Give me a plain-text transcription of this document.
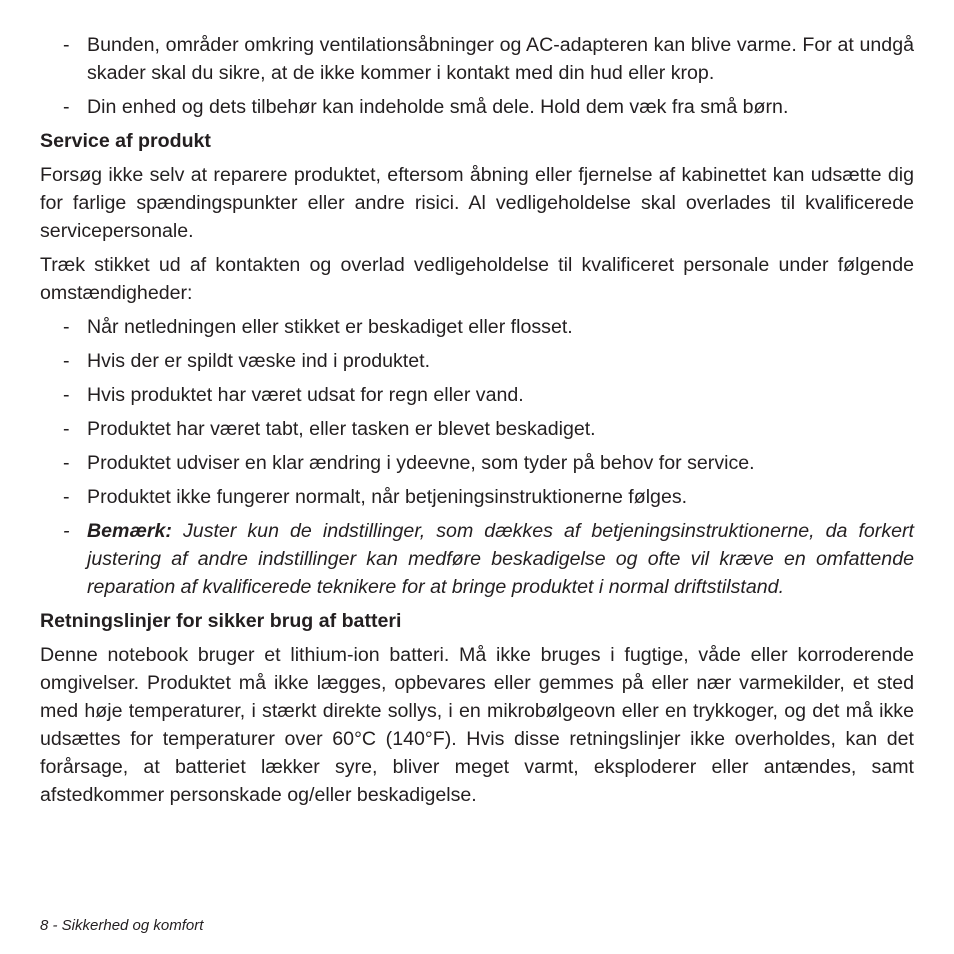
- Bunden, områder omkring ventilationsåbninger og AC-adapteren kan blive varme. For at undgå skader skal du sikre, at de ikke kommer i kontakt med din hud eller krop.
- Din enhed og dets tilbehør kan indeholde små dele. Hold dem væk fra små børn.
Service af produkt

Forsøg ikke selv at reparere produktet, eftersom åbning eller fjernelse af kabinettet kan udsætte dig for farlige spændingspunkter eller andre risici. Al vedligeholdelse skal overlades til kvalificerede servicepersonale.

Træk stikket ud af kontakten og overlad vedligeholdelse til kvalificeret personale under følgende omstændigheder:

- Når netledningen eller stikket er beskadiget eller flosset.
- Hvis der er spildt væske ind i produktet.
- Hvis produktet har været udsat for regn eller vand.
- Produktet har været tabt, eller tasken er blevet beskadiget.
- Produktet udviser en klar ændring i ydeevne, som tyder på behov for service.
- Produktet ikke fungerer normalt, når betjeningsinstruktionerne følges.
- Bemærk: Juster kun de indstillinger, som dækkes af betjeningsinstruktionerne, da forkert justering af andre indstillinger kan medføre beskadigelse og ofte vil kræve en omfattende reparation af kvalificerede teknikere for at bringe produktet i normal driftstilstand.
Retningslinjer for sikker brug af batteri

Denne notebook bruger et lithium-ion batteri. Må ikke bruges i fugtige, våde eller korroderende omgivelser. Produktet må ikke lægges, opbevares eller gemmes på eller nær varmekilder, et sted med høje temperaturer, i stærkt direkte sollys, i en mikrobølgeovn eller en trykkoger, og det må ikke udsættes for temperaturer over 60°C (140°F). Hvis disse retningslinjer ikke overholdes, kan det forårsage, at batteriet lækker syre, bliver meget varmt, eksploderer eller antændes, samt afstedkommer personskade og/eller beskadigelse.

8 - Sikkerhed og komfort
